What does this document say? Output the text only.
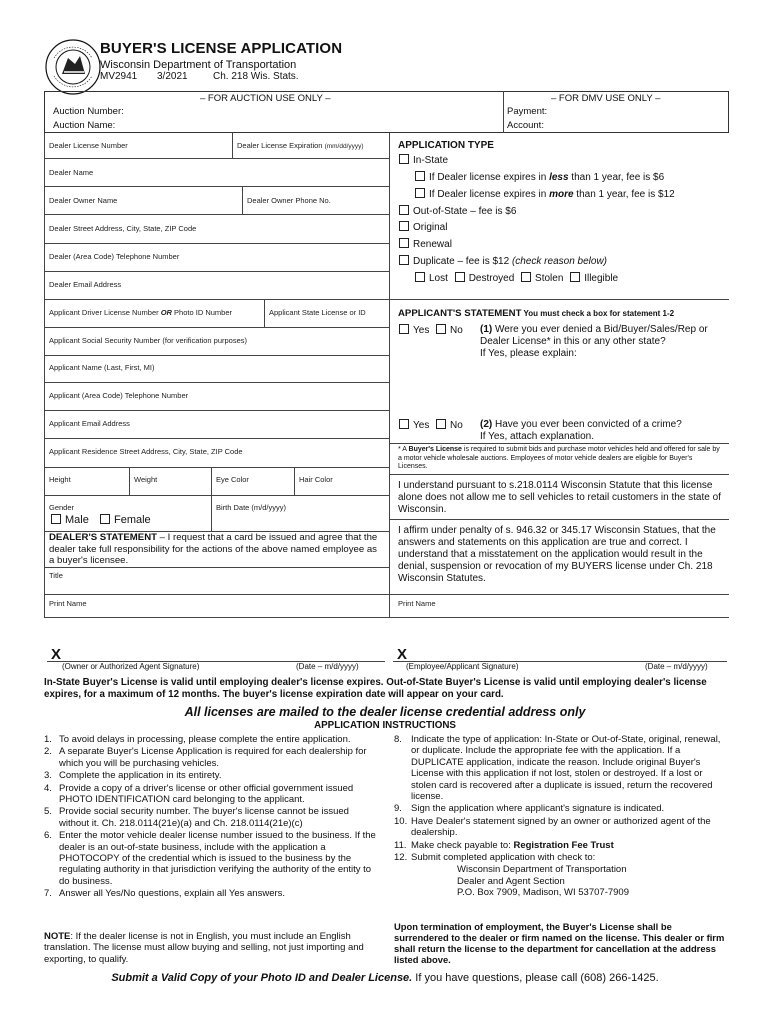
BUYER'S LICENSE APPLICATION
Wisconsin Department of Transportation
MV2941 3/2021	Ch. 218 Wis. Stats.
– FOR AUCTION USE ONLY –
Auction Number:
Auction Name:
– FOR DMV USE ONLY –
Payment:
Account:
Dealer License Number	Dealer License Expiration (mm/dd/yyyy)
Dealer Name
Dealer Owner Name	Dealer Owner Phone No.
Dealer Street Address, City, State, ZIP Code
Dealer (Area Code) Telephone Number
Dealer Email Address
Applicant Driver License Number OR Photo ID Number	Applicant State License or ID
Applicant Social Security Number (for verification purposes)
Applicant Name (Last, First, MI)
Applicant (Area Code) Telephone Number
Applicant Email Address
Applicant Residence Street Address, City, State, ZIP Code
Height	Weight	Eye Color	Hair Color
Gender	Birth Date (m/d/yyyy)
Male	Female
DEALER'S STATEMENT – I request that a card be issued and agree that the dealer take full responsibility for the actions of the above named employee as a buyer's licensee.
Title
Print Name
X
(Owner or Authorized Agent Signature)	(Date – m/d/yyyy)
APPLICATION TYPE
In-State
If Dealer license expires in less than 1 year, fee is $6
If Dealer license expires in more than 1 year, fee is $12
Out-of-State – fee is $6
Original
Renewal
Duplicate – fee is $12 (check reason below)
Lost Destroyed Stolen Illegible
APPLICANT'S STATEMENT You must check a box for statement 1-2
Yes	No (1) Were you ever denied a Bid/Buyer/Sales/Rep or Dealer License* in this or any other state?
If Yes, please explain:
Yes	No (2) Have you ever been convicted of a crime?
If Yes, attach explanation.
* A Buyer's License is required to submit bids and purchase motor vehicles held and offered for sale by a motor vehicle wholesale auctions. Employees of motor vehicle dealers are eligible for Buyer's Licenses.
I understand pursuant to s.218.0114 Wisconsin Statute that this license alone does not allow me to sell vehicles to retail customers in the state of Wisconsin.
I affirm under penalty of s. 946.32 or 345.17 Wisconsin Statues, that the answers and statements on this application are true and correct. I understand that a misstatement on the application would result in the denial, suspension or revocation of my BUYERS license under Ch. 218 Wisconsin Statutes.
Print Name
X
(Employee/Applicant Signature)	(Date – m/d/yyyy)
In-State Buyer's License is valid until employing dealer's license expires. Out-of-State Buyer's License is valid until employing dealer's license expires, for a maximum of 12 months. The buyer's license expiration date will appear on your card.
All licenses are mailed to the dealer license credential address only
APPLICATION INSTRUCTIONS
1. To avoid delays in processing, please complete the entire application.
2. A separate Buyer's License Application is required for each dealership for which you will be purchasing vehicles.
3. Complete the application in its entirety.
4. Provide a copy of a driver's license or other official government issued PHOTO IDENTIFICATION card belonging to the applicant.
5. Provide social security number. The buyer's license cannot be issued without it. Ch. 218.0114(21e)(a) and Ch. 218.0114(21e)(c)
6. Enter the motor vehicle dealer license number issued to the business. If the dealer is an out-of-state business, include with the application a PHOTOCOPY of the credential which is issued to the business by the regulating authority in that jurisdiction verifying the authority of the entity to do business.
7. Answer all Yes/No questions, explain all Yes answers.
NOTE: If the dealer license is not in English, you must include an English translation. The license must allow buying and selling, not just importing and exporting, to qualify.
8. Indicate the type of application: In-State or Out-of-State, original, renewal, or duplicate. Include the appropriate fee with the application. If a DUPLICATE application, indicate the reason. Include original Buyer's License with this application if not lost, stolen or destroyed. If a lost or stolen card is recovered after a duplicate is issued, return the recovered license.
9. Sign the application where applicant's signature is indicated.
10. Have Dealer's statement signed by an owner or authorized agent of the dealership.
11. Make check payable to: Registration Fee Trust
12. Submit completed application with check to:
Wisconsin Department of Transportation
Dealer and Agent Section
P.O. Box 7909, Madison, WI 53707-7909
Upon termination of employment, the Buyer's License shall be surrendered to the dealer or firm named on the license. This dealer or firm shall return the license to the department for cancellation at the address listed above.
Submit a Valid Copy of your Photo ID and Dealer License. If you have questions, please call (608) 266-1425.
